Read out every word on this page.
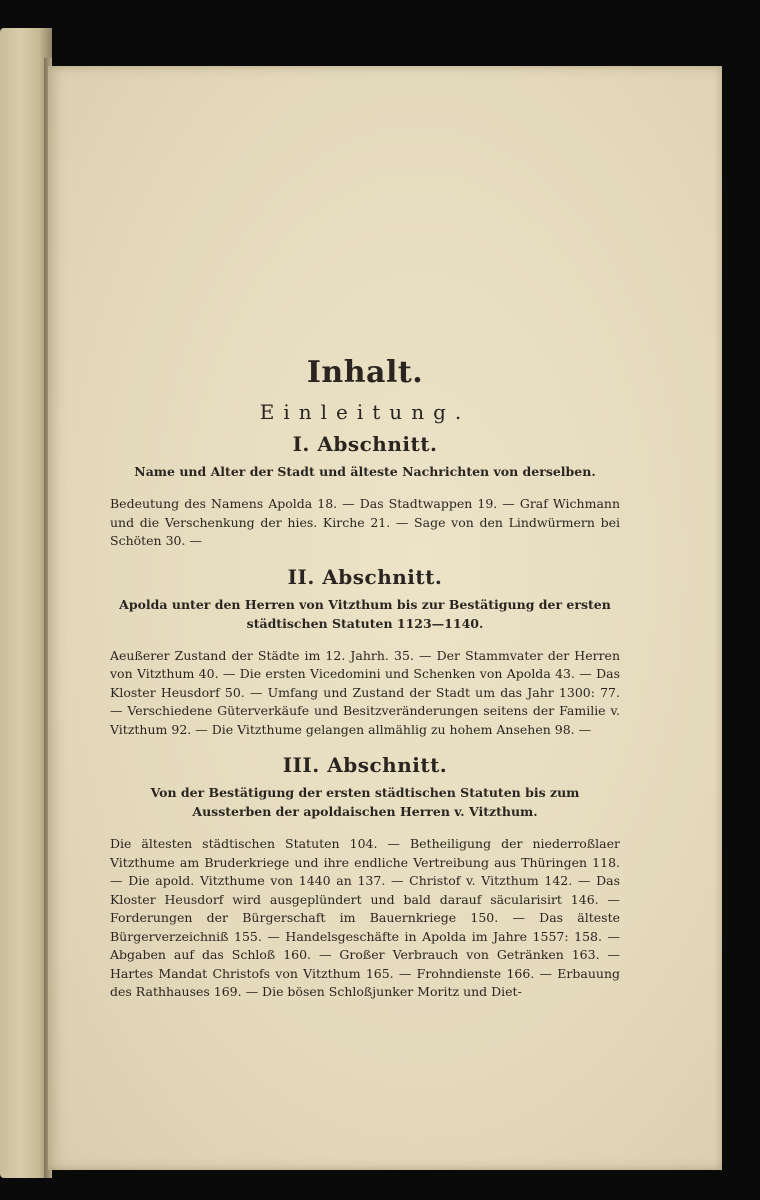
Inhalt.
Einleitung.
I. Abschnitt.
Name und Alter der Stadt und älteste Nachrichten von derselben.
Bedeutung des Namens Apolda 18. — Das Stadtwappen 19. — Graf Wichmann und die Verschenkung der hies. Kirche 21. — Sage von den Lindwürmern bei Schöten 30. —
II. Abschnitt.
Apolda unter den Herren von Vitzthum bis zur Bestätigung der ersten städtischen Statuten 1123—1140.
Aeußerer Zustand der Städte im 12. Jahrh. 35. — Der Stammvater der Herren von Vitzthum 40. — Die ersten Vicedomini und Schenken von Apolda 43. — Das Kloster Heusdorf 50. — Umfang und Zustand der Stadt um das Jahr 1300: 77. — Verschiedene Güterverkäufe und Besitzveränderungen seitens der Familie v. Vitzthum 92. — Die Vitzthume gelangen allmählig zu hohem Ansehen 98. —
III. Abschnitt.
Von der Bestätigung der ersten städtischen Statuten bis zum Aussterben der apoldaischen Herren v. Vitzthum.
Die ältesten städtischen Statuten 104. — Betheiligung der niederroßlaer Vitzthume am Bruderkriege und ihre endliche Vertreibung aus Thüringen 118. — Die apold. Vitzthume von 1440 an 137. — Christof v. Vitzthum 142. — Das Kloster Heusdorf wird ausgeplündert und bald darauf säcularisirt 146. — Forderungen der Bürgerschaft im Bauernkriege 150. — Das älteste Bürgerverzeichniß 155. — Handelsgeschäfte in Apolda im Jahre 1557: 158. — Abgaben auf das Schloß 160. — Großer Verbrauch von Getränken 163. — Hartes Mandat Christofs von Vitzthum 165. — Frohndienste 166. — Erbauung des Rathhauses 169. — Die bösen Schloßjunker Moritz und Diet-
